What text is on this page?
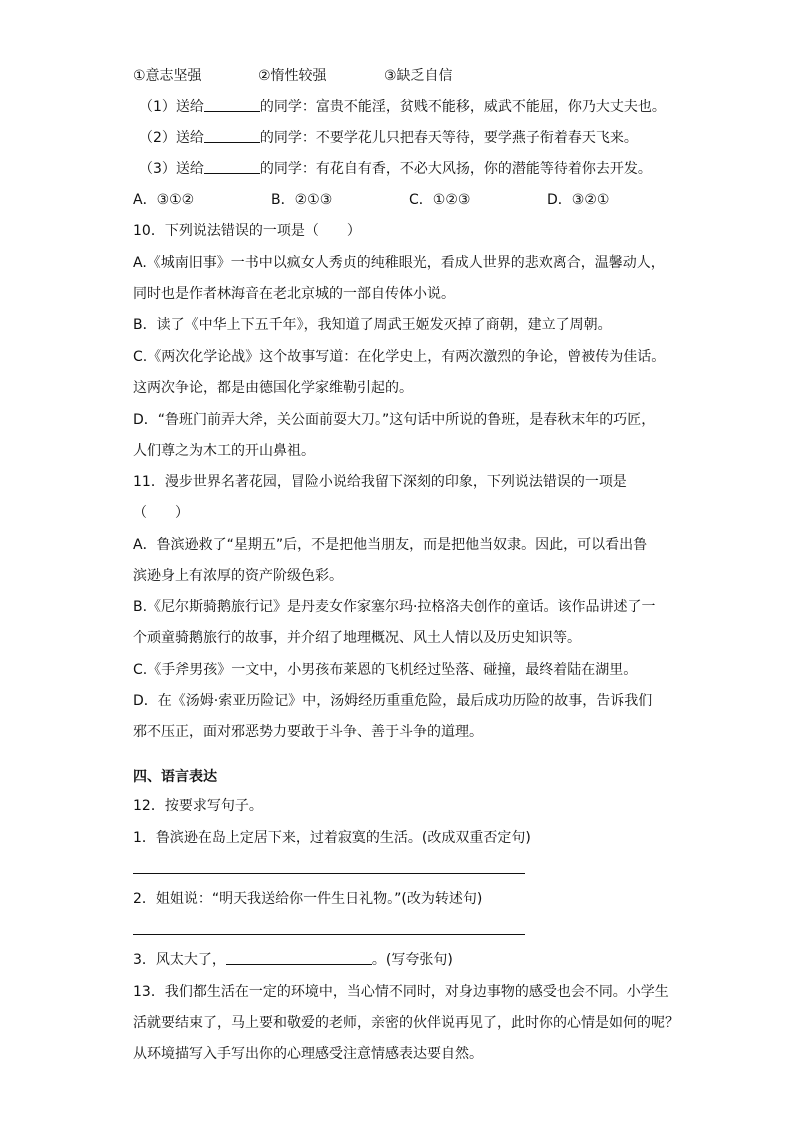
①意志坚强	②惰性较强	③缺乏自信
（1）送给	的同学：富贵不能淫，贫贱不能移，威武不能屈，你乃大丈夫也。
（2）送给	的同学：不要学花儿只把春天等待，要学燕子衔着春天飞来。
（3）送给	的同学：有花自有香，不必大风扬，你的潜能等待着你去开发。
A．③①②	B．②①③	C．①②③	D．③②①
10．下列说法错误的一项是（　　）
A.《城南旧事》一书中以疯女人秀贞的纯稚眼光，看成人世界的悲欢离合，温馨动人，
同时也是作者林海音在老北京城的一部自传体小说。
B．读了《中华上下五千年》，我知道了周武王姬发灭掉了商朝，建立了周朝。
C.《两次化学论战》这个故事写道：在化学史上，有两次激烈的争论，曾被传为佳话。
这两次争论，都是由德国化学家维勒引起的。
D．“鲁班门前弄大斧，关公面前耍大刀。”这句话中所说的鲁班，是春秋末年的巧匠，
人们尊之为木工的开山鼻祖。
11．漫步世界名著花园，冒险小说给我留下深刻的印象，下列说法错误的一项是
（　　）
A．鲁滨逊救了“星期五”后，不是把他当朋友，而是把他当奴隶。因此，可以看出鲁
滨逊身上有浓厚的资产阶级色彩。
B.《尼尔斯骑鹅旅行记》是丹麦女作家塞尔玛·拉格洛夫创作的童话。该作品讲述了一
个顽童骑鹅旅行的故事，并介绍了地理概况、风土人情以及历史知识等。
C.《手斧男孩》一文中，小男孩布莱恩的飞机经过坠落、碰撞，最终着陆在湖里。
D．在《汤姆·索亚历险记》中，汤姆经历重重危险，最后成功历险的故事，告诉我们
邪不压正，面对邪恶势力要敢于斗争、善于斗争的道理。
四、语言表达
12．按要求写句子。
1．鲁滨逊在岛上定居下来，过着寂寞的生活。(改成双重否定句)
2．姐姐说：“明天我送给你一件生日礼物。”(改为转述句)
3．风太大了，	。(写夸张句)
13．我们都生活在一定的环境中，当心情不同时，对身边事物的感受也会不同。小学生
活就要结束了，马上要和敬爱的老师，亲密的伙伴说再见了，此时你的心情是如何的呢？
从环境描写入手写出你的心理感受注意情感表达要自然。
